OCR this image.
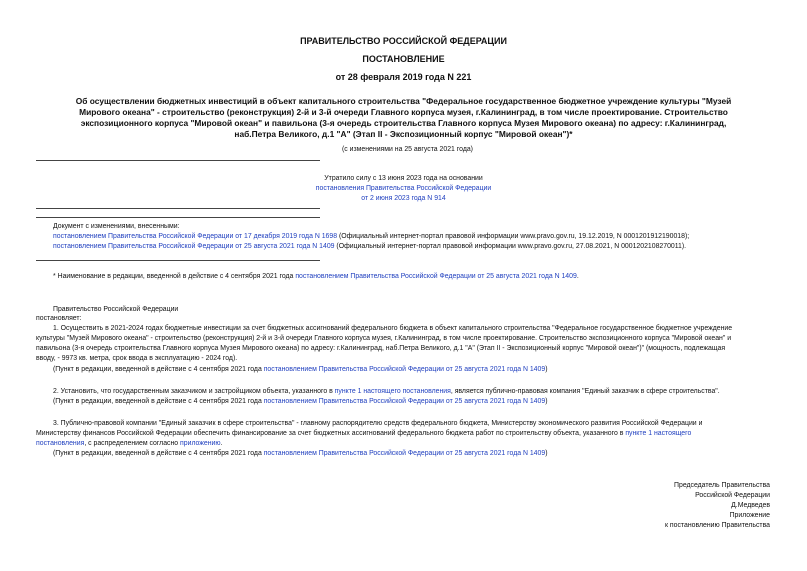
ПРАВИТЕЛЬСТВО РОССИЙСКОЙ ФЕДЕРАЦИИ
ПОСТАНОВЛЕНИЕ
от 28 февраля 2019 года N 221
Об осуществлении бюджетных инвестиций в объект капитального строительства "Федеральное государственное бюджетное учреждение культуры "Музей
Мирового океана" - строительство (реконструкция) 2-й и 3-й очереди Главного корпуса музея, г.Калининград, в том числе проектирование. Строительство
экспозиционного корпуса "Мировой океан" и павильона (3-я очередь строительства Главного корпуса Музея Мирового океана) по адресу: г.Калининград,
наб.Петра Великого, д.1 "А" (Этап II - Экспозиционный корпус "Мировой океан")*
(с изменениями на 25 августа 2021 года)
Утратило силу с 13 июня 2023 года на основании
постановления Правительства Российской Федерации
от 2 июня 2023 года N 914
Документ с изменениями, внесенными:
постановлением Правительства Российской Федерации от 17 декабря 2019 года N 1698 (Официальный интернет-портал правовой информации www.pravo.gov.ru, 19.12.2019, N 0001201912190018);
постановлением Правительства Российской Федерации от 25 августа 2021 года N 1409 (Официальный интернет-портал правовой информации www.pravo.gov.ru, 27.08.2021, N 0001202108270011).
* Наименование в редакции, введенной в действие с 4 сентября 2021 года постановлением Правительства Российской Федерации от 25 августа 2021 года N 1409.
Правительство Российской Федерации
постановляет:
1. Осуществить в 2021-2024 годах бюджетные инвестиции за счет бюджетных ассигнований федерального бюджета в объект капитального строительства "Федеральное государственное бюджетное учреждение
культуры "Музей Мирового океана" - строительство (реконструкция) 2-й и 3-й очереди Главного корпуса музея, г.Калининград, в том числе проектирование. Строительство экспозиционного корпуса "Мировой океан" и
павильона (3-я очередь строительства Главного корпуса Музея Мирового океана) по адресу: г.Калининград, наб.Петра Великого, д.1 "А" (Этап II - Экспозиционный корпус "Мировой океан")" (мощность, подлежащая
вводу, - 9973 кв. метра, срок ввода в эксплуатацию - 2024 год).
(Пункт в редакции, введенной в действие с 4 сентября 2021 года постановлением Правительства Российской Федерации от 25 августа 2021 года N 1409)
2. Установить, что государственным заказчиком и застройщиком объекта, указанного в пункте 1 настоящего постановления, является публично-правовая компания "Единый заказчик в сфере строительства".
(Пункт в редакции, введенной в действие с 4 сентября 2021 года постановлением Правительства Российской Федерации от 25 августа 2021 года N 1409)
3. Публично-правовой компании "Единый заказчик в сфере строительства" - главному распорядителю средств федерального бюджета, Министерству экономического развития Российской Федерации и
Министерству финансов Российской Федерации обеспечить финансирование за счет бюджетных ассигнований федерального бюджета работ по строительству объекта, указанного в пункте 1 настоящего
постановления, с распределением согласно приложению.
(Пункт в редакции, введенной в действие с 4 сентября 2021 года постановлением Правительства Российской Федерации от 25 августа 2021 года N 1409)
Председатель Правительства
Российской Федерации
Д.Медведев
Приложение
к постановлению Правительства
